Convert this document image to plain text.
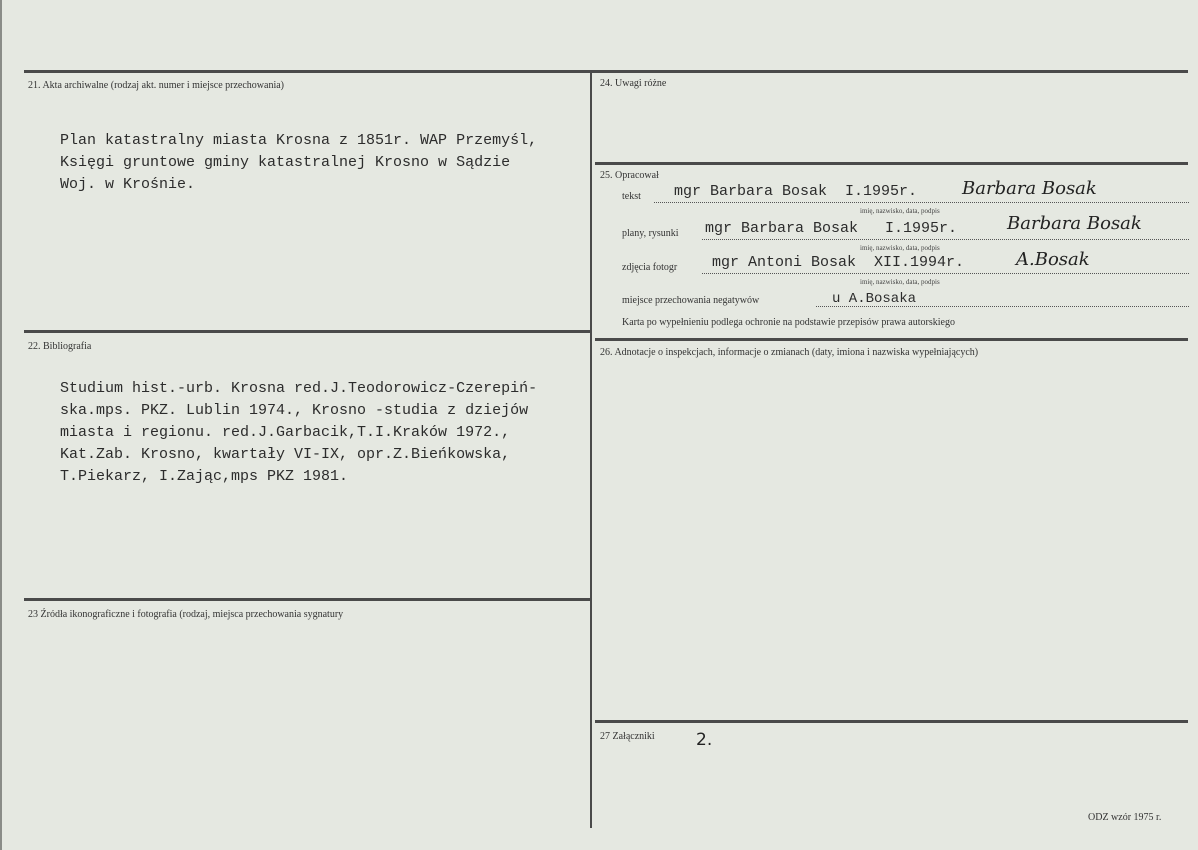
21. Akta archiwalne (rodzaj akt. numer i miejsce przechowania)
Plan katastralny miasta Krosna z 1851r. WAP Przemyśl,
Księgi gruntowe gminy katastralnej Krosno w Sądzie
Woj. w Krośnie.
22. Bibliografia
Studium hist.-urb. Krosna red.J.Teodorowicz-Czerepiń-
ska.mps. PKZ. Lublin 1974., Krosno -studia z dziejów
miasta i regionu. red.J.Garbacik,T.I.Kraków 1972.,
Kat.Zab. Krosno, kwartały VI-IX, opr.Z.Bieńkowska,
T.Piekarz, I.Zając,mps PKZ 1981.
23 Źródła ikonograficzne i fotografia (rodzaj, miejsca przechowania sygnatury
24. Uwagi różne
25. Opracował
tekst mgr Barbara Bosak  I.1995r. Barbara Bosak
imię, nazwisko, data, podpis
plany, rysunki mgr Barbara Bosak   I.1995r.	Barbara Bosak
imię, nazwisko, data, podpis
zdjęcia fotogr mgr Antoni Bosak  XII.1994r.	A.Bosak
imię, nazwisko, data, podpis
miejsce przechowania negatywów	u A.Bosaka
Karta po wypełnieniu podlega ochronie na podstawie przepisów prawa autorskiego
26. Adnotacje o inspekcjach, informacje o zmianach (daty, imiona i nazwiska wypełniających)
27 Załączniki 2.
ODZ wzór 1975 r.
